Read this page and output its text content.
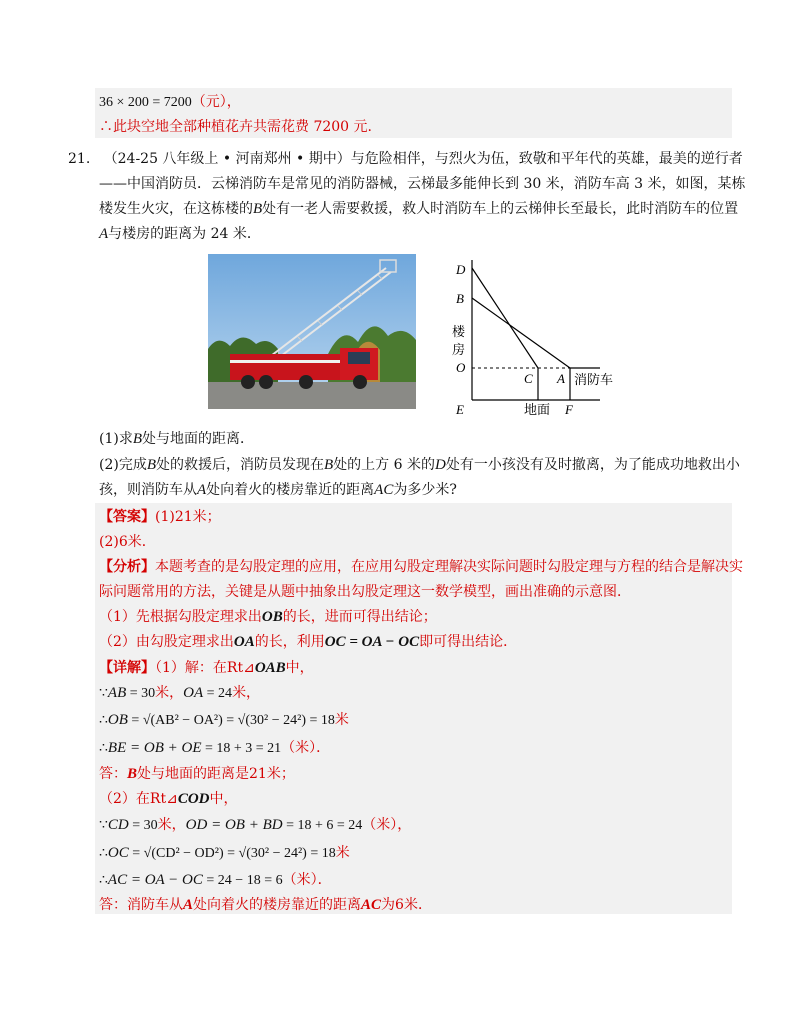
36 × 200 = 7200（元），
∴此块空地全部种植花卉共需花费 7200 元.
21. （24-25 八年级上 • 河南郑州 • 期中）与危险相伴，与烈火为伍，致敬和平年代的英雄，最美的逆行者
——中国消防员．云梯消防车是常见的消防器械，云梯最多能伸长到 30 米，消防车高 3 米，如图，某栋
楼发生火灾，在这栋楼的B处有一老人需要救援，救人时消防车上的云梯伸长至最长，此时消防车的位置
A与楼房的距离为 24 米．
D
B
O
C A
E	F
地面
消防车
楼 房
(1)求B处与地面的距离．
(2)完成B处的救援后，消防员发现在B处的上方 6 米的D处有一小孩没有及时撤离，为了能成功地救出小
孩，则消防车从A处向着火的楼房靠近的距离AC为多少米?
【答案】(1)21米；
(2)6米．
【分析】本题考查的是勾股定理的应用，在应用勾股定理解决实际问题时勾股定理与方程的结合是解决实
际问题常用的方法，关键是从题中抽象出勾股定理这一数学模型，画出准确的示意图．
（1）先根据勾股定理求出OB的长，进而可得出结论；
（2）由勾股定理求出OA的长，利用OC = OA − OC即可得出结论．
【详解】（1）解：在Rt⊿OAB中，
∵AB = 30米，OA = 24米，
∴OB = √(AB² − OA²) = √(30² − 24²) = 18米
∴BE = OB + OE = 18 + 3 = 21（米）．
答：B处与地面的距离是21米；
（2）在Rt⊿COD中，
∵CD = 30米，OD = OB + BD = 18 + 6 = 24（米），
∴OC = √(CD² − OD²) = √(30² − 24²) = 18米
∴AC = OA − OC = 24 − 18 = 6（米）．
答：消防车从A处向着火的楼房靠近的距离AC为6米．
